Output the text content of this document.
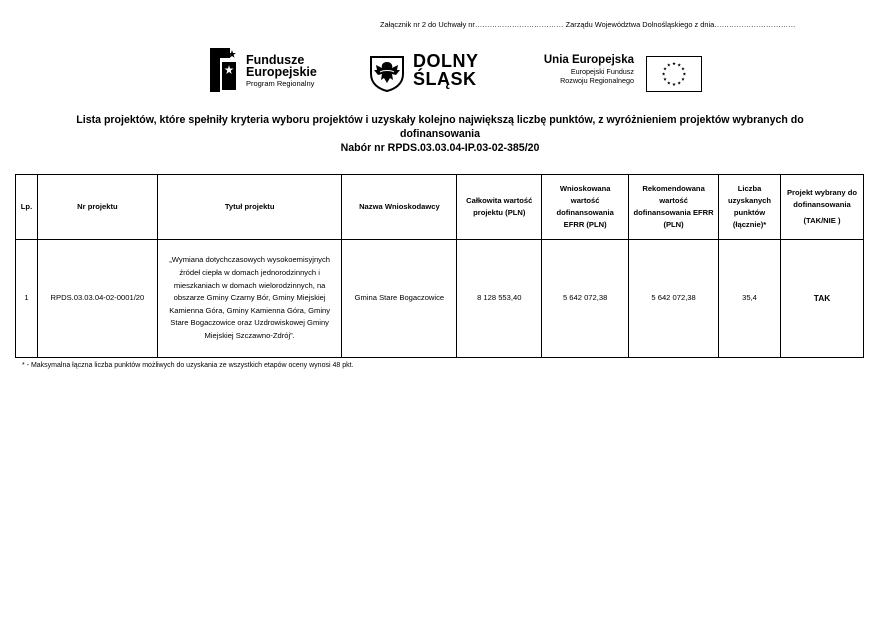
Załącznik nr 2 do Uchwały nr……………………………… Zarządu Województwa Dolnośląskiego z dnia……………………………
Fundusze
Europejskie
Program Regionalny
DOLNY
ŚLĄSK
Unia Europejska
Europejski Fundusz
Rozwoju Regionalnego
Lista projektów, które spełniły kryteria wyboru projektów i uzyskały kolejno największą liczbę punktów, z wyróżnieniem projektów wybranych do
dofinansowania
Nabór nr RPDS.03.03.04-IP.03-02-385/20
Lp.	Nr projektu	Tytuł projektu	Nazwa Wnioskodawcy	Całkowita wartość projektu (PLN)	Wnioskowana wartość dofinansowania EFRR (PLN)	Rekomendowana wartość dofinansowania EFRR (PLN)	Liczba uzyskanych punktów (łącznie)*	Projekt wybrany do dofinansowania
(TAK/NIE )

1	RPDS.03.03.04-02-0001/20	„Wymiana dotychczasowych wysokoemisyjnych źródeł ciepła w domach jednorodzinnych i mieszkaniach w domach wielorodzinnych, na obszarze Gminy Czarny Bór, Gminy Miejskiej Kamienna Góra, Gminy Kamienna Góra, Gminy Stare Bogaczowice oraz Uzdrowiskowej Gminy Miejskiej Szczawno-Zdrój”.	Gmina Stare Bogaczowice	8 128 553,40	5 642 072,38	5 642 072,38	35,4	TAK
* - Maksymalna łączna liczba punktów możliwych do uzyskania ze wszystkich etapów oceny wynosi 48 pkt.
